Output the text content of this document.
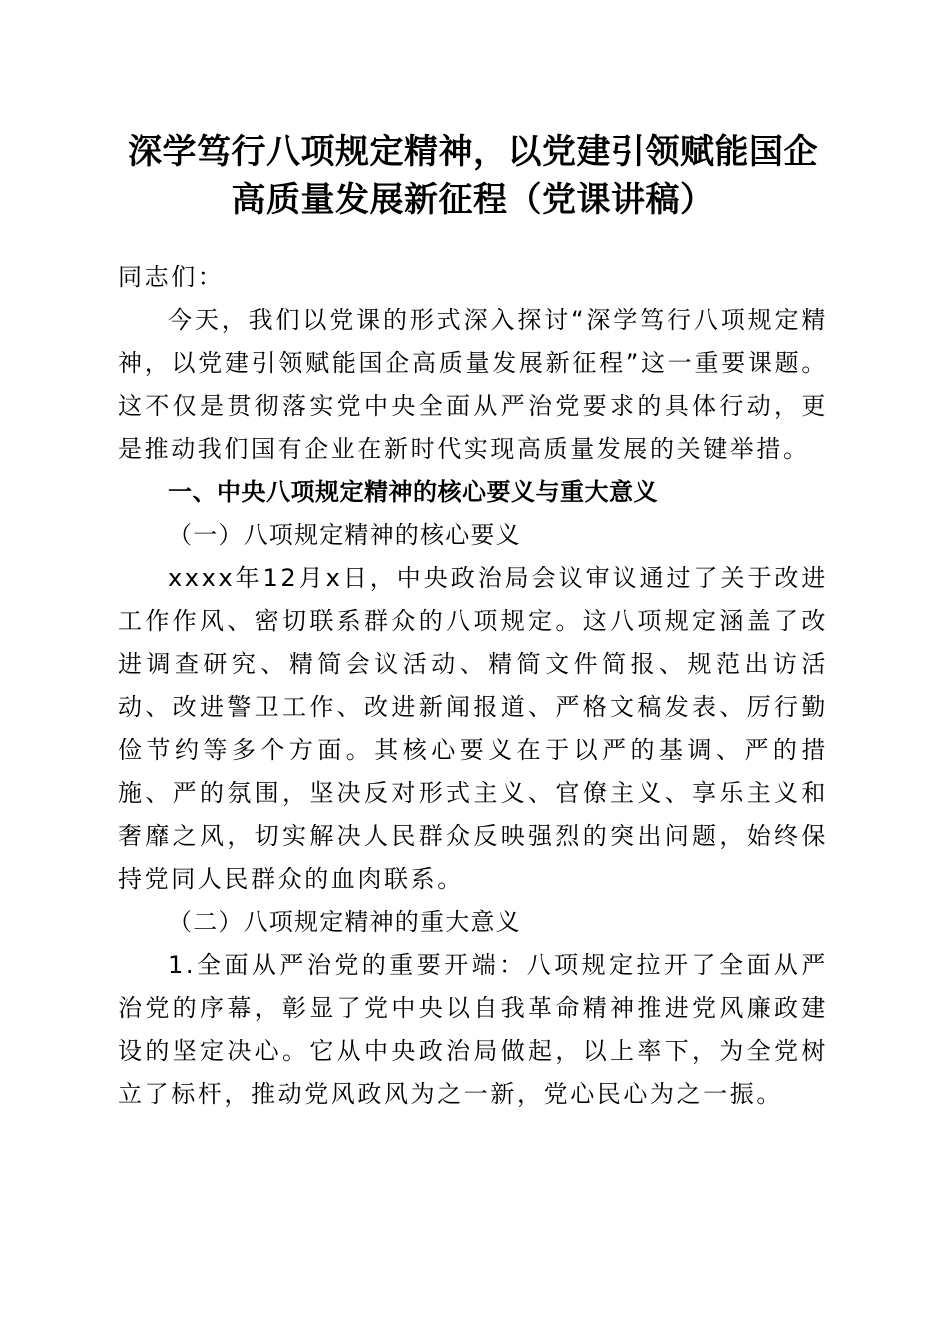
深学笃行八项规定精神，以党建引领赋能国企
高质量发展新征程（党课讲稿）

同志们：

今天，我们以党课的形式深入探讨“深学笃行八项规定精神，以党建引领赋能国企高质量发展新征程”这一重要课题。这不仅是贯彻落实党中央全面从严治党要求的具体行动，更是推动我们国有企业在新时代实现高质量发展的关键举措。

一、中央八项规定精神的核心要义与重大意义

（一）八项规定精神的核心要义

xxxx年12月x日，中央政治局会议审议通过了关于改进工作作风、密切联系群众的八项规定。这八项规定涵盖了改进调查研究、精简会议活动、精简文件简报、规范出访活动、改进警卫工作、改进新闻报道、严格文稿发表、厉行勤俭节约等多个方面。其核心要义在于以严的基调、严的措施、严的氛围，坚决反对形式主义、官僚主义、享乐主义和奢靡之风，切实解决人民群众反映强烈的突出问题，始终保持党同人民群众的血肉联系。

（二）八项规定精神的重大意义

1.全面从严治党的重要开端：八项规定拉开了全面从严治党的序幕，彰显了党中央以自我革命精神推进党风廉政建设的坚定决心。它从中央政治局做起，以上率下，为全党树立了标杆，推动党风政风为之一新，党心民心为之一振。
